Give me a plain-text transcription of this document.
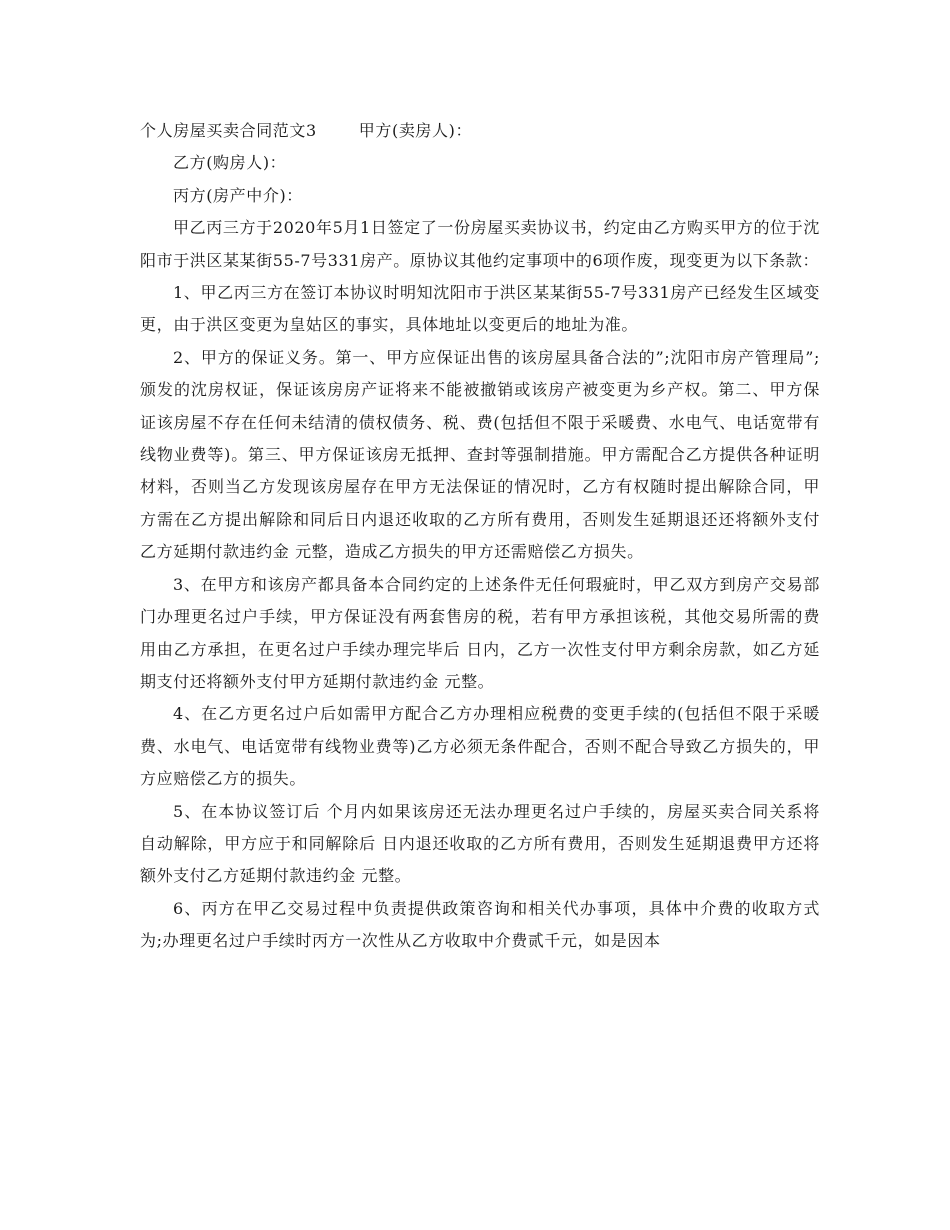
个人房屋买卖合同范文3	甲方(卖房人)：

乙方(购房人)：

丙方(房产中介)：

甲乙丙三方于2020年5月1日签定了一份房屋买卖协议书，约定由乙方购买甲方的位于沈阳市于洪区某某街55-7号331房产。原协议其他约定事项中的6项作废，现变更为以下条款：

1、甲乙丙三方在签订本协议时明知沈阳市于洪区某某街55-7号331房产已经发生区域变更，由于洪区变更为皇姑区的事实，具体地址以变更后的地址为准。

2、甲方的保证义务。第一、甲方应保证出售的该房屋具备合法的”;沈阳市房产管理局”;颁发的沈房权证，保证该房房产证将来不能被撤销或该房产被变更为乡产权。第二、甲方保证该房屋不存在任何未结清的债权债务、税、费(包括但不限于采暖费、水电气、电话宽带有线物业费等)。第三、甲方保证该房无抵押、查封等强制措施。甲方需配合乙方提供各种证明材料，否则当乙方发现该房屋存在甲方无法保证的情况时，乙方有权随时提出解除合同，甲方需在乙方提出解除和同后日内退还收取的乙方所有费用，否则发生延期退还还将额外支付乙方延期付款违约金 元整，造成乙方损失的甲方还需赔偿乙方损失。

3、在甲方和该房产都具备本合同约定的上述条件无任何瑕疵时，甲乙双方到房产交易部门办理更名过户手续，甲方保证没有两套售房的税，若有甲方承担该税，其他交易所需的费用由乙方承担，在更名过户手续办理完毕后 日内，乙方一次性支付甲方剩余房款，如乙方延期支付还将额外支付甲方延期付款违约金 元整。

4、在乙方更名过户后如需甲方配合乙方办理相应税费的变更手续的(包括但不限于采暖费、水电气、电话宽带有线物业费等)乙方必须无条件配合，否则不配合导致乙方损失的，甲方应赔偿乙方的损失。

5、在本协议签订后 个月内如果该房还无法办理更名过户手续的，房屋买卖合同关系将自动解除，甲方应于和同解除后 日内退还收取的乙方所有费用，否则发生延期退费甲方还将额外支付乙方延期付款违约金 元整。

6、丙方在甲乙交易过程中负责提供政策咨询和相关代办事项，具体中介费的收取方式为;办理更名过户手续时丙方一次性从乙方收取中介费贰千元，如是因本
